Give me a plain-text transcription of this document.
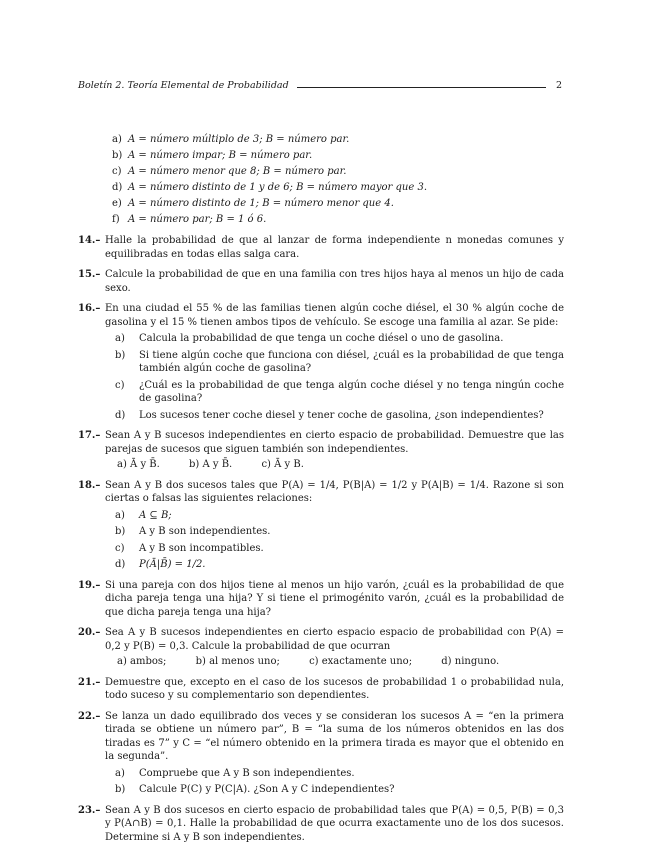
Boletín 2. Teoría Elemental de Probabilidad	2
a) A = número múltiplo de 3; B = número par.
b) A = número impar; B = número par.
c) A = número menor que 8; B = número par.
d) A = número distinto de 1 y de 6; B = número mayor que 3.
e) A = número distinto de 1; B = número menor que 4.
f) A = número par; B = 1 ó 6.
14.– Halle la probabilidad de que al lanzar de forma independiente n monedas comunes y equilibradas en todas ellas salga cara.
15.– Calcule la probabilidad de que en una familia con tres hijos haya al menos un hijo de cada sexo.
16.– En una ciudad el 55 % de las familias tienen algún coche diésel, el 30 % algún coche de gasolina y el 15 % tienen ambos tipos de vehículo. Se escoge una familia al azar. Se pide:
a) Calcula la probabilidad de que tenga un coche diésel o uno de gasolina.
b) Si tiene algún coche que funciona con diésel, ¿cuál es la probabilidad de que tenga también algún coche de gasolina?
c) ¿Cuál es la probabilidad de que tenga algún coche diésel y no tenga ningún coche de gasolina?
d) Los sucesos tener coche diesel y tener coche de gasolina, ¿son independientes?
17.– Sean A y B sucesos independientes en cierto espacio de probabilidad. Demuestre que las parejas de sucesos que siguen también son independientes.
a) Ā y B̄.	b) A y B̄.	c) Ā y B.
18.– Sean A y B dos sucesos tales que P(A) = 1/4, P(B|A) = 1/2 y P(A|B) = 1/4. Razone si son ciertas o falsas las siguientes relaciones:
a) A ⊆ B;
b) A y B son independientes.
c) A y B son incompatibles.
d) P(Ā|B̄) = 1/2.
19.– Si una pareja con dos hijos tiene al menos un hijo varón, ¿cuál es la probabilidad de que dicha pareja tenga una hija? Y si tiene el primogénito varón, ¿cuál es la probabilidad de que dicha pareja tenga una hija?
20.– Sea A y B sucesos independientes en cierto espacio espacio de probabilidad con P(A) = 0,2 y P(B) = 0,3. Calcule la probabilidad de que ocurran
a) ambos;	b) al menos uno;	c) exactamente uno;	d) ninguno.
21.– Demuestre que, excepto en el caso de los sucesos de probabilidad 1 o probabilidad nula, todo suceso y su complementario son dependientes.
22.– Se lanza un dado equilibrado dos veces y se consideran los sucesos A = “en la primera tirada se obtiene un número par”, B = “la suma de los números obtenidos en las dos tiradas es 7” y C = “el número obtenido en la primera tirada es mayor que el obtenido en la segunda”.
a) Compruebe que A y B son independientes.
b) Calcule P(C) y P(C|A). ¿Son A y C independientes?
23.– Sean A y B dos sucesos en cierto espacio de probabilidad tales que P(A) = 0,5, P(B) = 0,3 y P(A∩B) = 0,1. Halle la probabilidad de que ocurra exactamente uno de los dos sucesos. Determine si A y B son independientes.
